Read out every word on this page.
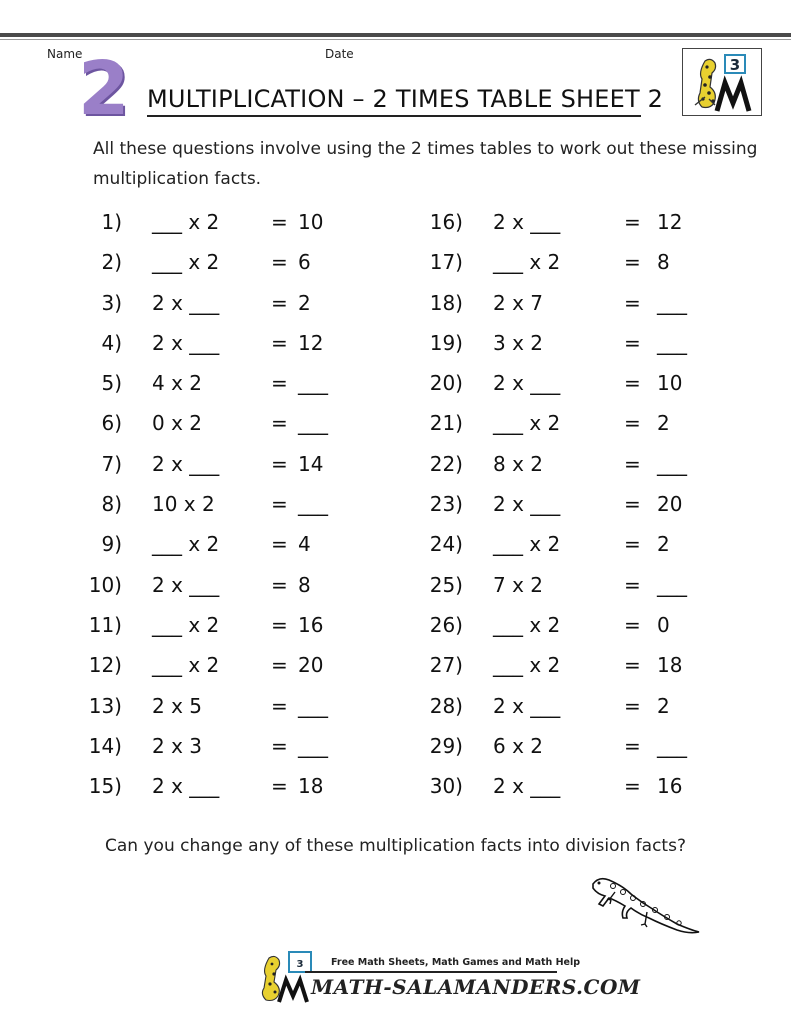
Name	Date
2 MULTIPLICATION – 2 TIMES TABLE SHEET 2
3
All these questions involve using the 2 times tables to work out these missing multiplication facts.
1) ___ x 2	= 10
2) ___ x 2	= 6
3) 2 x ___	= 2
4) 2 x ___	= 12
5) 4 x 2	= ___
6) 0 x 2	= ___
7) 2 x ___	= 14
8) 10 x 2	= ___
9) ___ x 2	= 4
10) 2 x ___	= 8
11) ___ x 2	= 16
12) ___ x 2	= 20
13) 2 x 5	= ___
14) 2 x 3	= ___
15) 2 x ___	= 18
16) 2 x ___	= 12
17) ___ x 2	= 8
18) 2 x 7	= ___
19) 3 x 2	= ___
20) 2 x ___	= 10
21) ___ x 2	= 2
22) 8 x 2	= ___
23) 2 x ___	= 20
24) ___ x 2	= 2
25) 7 x 2	= ___
26) ___ x 2	= 0
27) ___ x 2	= 18
28) 2 x ___	= 2
29) 6 x 2	= ___
30) 2 x ___	= 16
Can you change any of these multiplication facts into division facts?
3	Free Math Sheets, Math Games and Math Help
MATH-SALAMANDERS.COM
